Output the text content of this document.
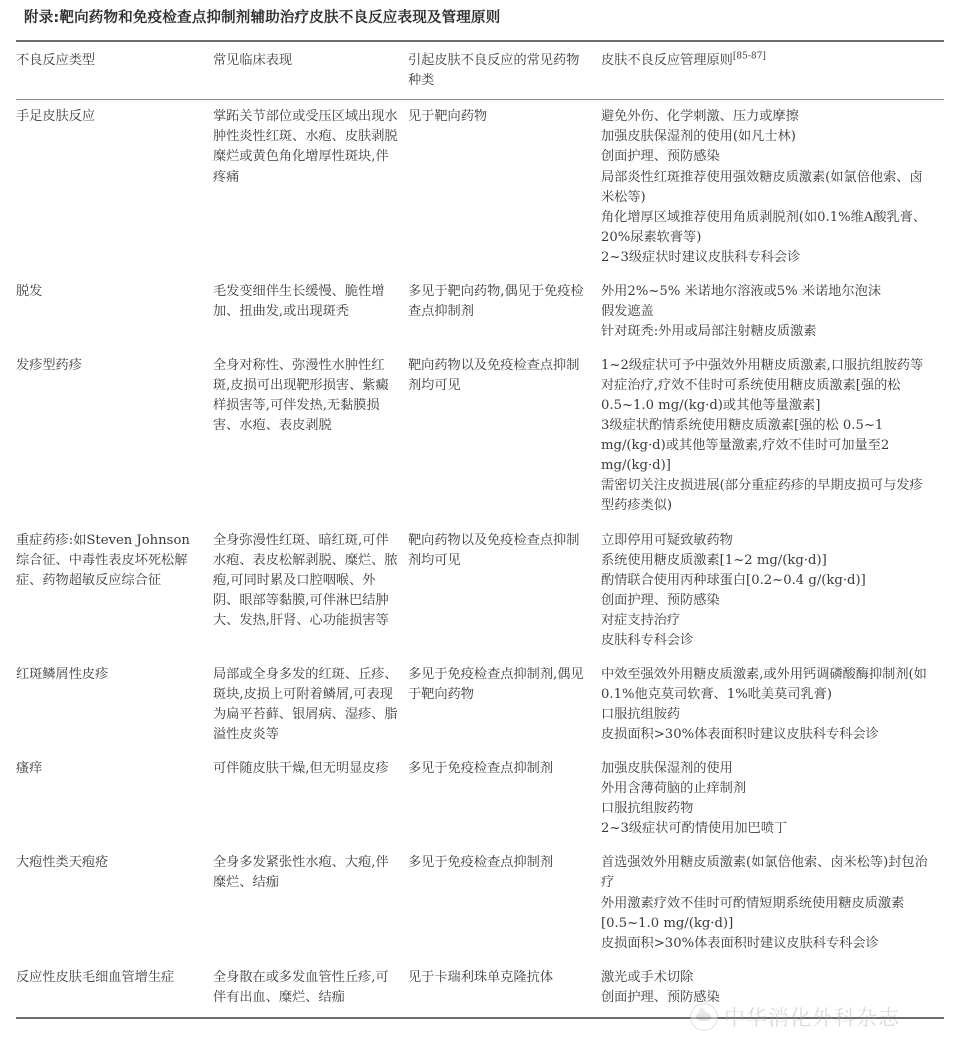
附录:靶向药物和免疫检查点抑制剂辅助治疗皮肤不良反应表现及管理原则
不良反应类型	常见临床表现	引起皮肤不良反应的常见药物种类	皮肤不良反应管理原则[85-87]
手足皮肤反应	掌跖关节部位或受压区域出现水肿性炎性红斑、水疱、皮肤剥脱糜烂或黄色角化增厚性斑块,伴疼痛	见于靶向药物	避免外伤、化学刺激、压力或摩擦
加强皮肤保湿剂的使用(如凡士林)
创面护理、预防感染
局部炎性红斑推荐使用强效糖皮质激素(如氯倍他索、卤米松等)
角化增厚区域推荐使用角质剥脱剂(如0.1%维A酸乳膏、20%尿素软膏等)
2~3级症状时建议皮肤科专科会诊

脱发	毛发变细伴生长缓慢、脆性增加、扭曲发,或出现斑秃	多见于靶向药物,偶见于免疫检查点抑制剂	外用2%~5% 米诺地尔溶液或5% 米诺地尔泡沫
假发遮盖
针对斑秃:外用或局部注射糖皮质激素

发疹型药疹	全身对称性、弥漫性水肿性红斑,皮损可出现靶形损害、紫癜样损害等,可伴发热,无黏膜损害、水疱、表皮剥脱	靶向药物以及免疫检查点抑制剂均可见	1~2级症状可予中强效外用糖皮质激素,口服抗组胺药等对症治疗,疗效不佳时可系统使用糖皮质激素[强的松0.5~1.0 mg/(kg·d)或其他等量激素]
3级症状酌情系统使用糖皮质激素[强的松 0.5~1 mg/(kg·d)或其他等量激素,疗效不佳时可加量至2 mg/(kg·d)]
需密切关注皮损进展(部分重症药疹的早期皮损可与发疹型药疹类似)

重症药疹:如Steven Johnson综合征、中毒性表皮坏死松解症、药物超敏反应综合征	全身弥漫性红斑、暗红斑,可伴水疱、表皮松解剥脱、糜烂、脓疱,可同时累及口腔咽喉、外阴、眼部等黏膜,可伴淋巴结肿大、发热,肝肾、心功能损害等	靶向药物以及免疫检查点抑制剂均可见	
立即停用可疑致敏药物
系统使用糖皮质激素[1~2 mg/(kg·d)]
酌情联合使用丙种球蛋白[0.2~0.4 g/(kg·d)]
创面护理、预防感染
对症支持治疗
皮肤科专科会诊

红斑鳞屑性皮疹	局部或全身多发的红斑、丘疹、斑块,皮损上可附着鳞屑,可表现为扁平苔藓、银屑病、湿疹、脂溢性皮炎等	多见于免疫检查点抑制剂,偶见于靶向药物	中效至强效外用糖皮质激素,或外用钙调磷酸酶抑制剂(如0.1%他克莫司软膏、1%吡美莫司乳膏)
口服抗组胺药
皮损面积>30%体表面积时建议皮肤科专科会诊

瘙痒	可伴随皮肤干燥,但无明显皮疹	多见于免疫检查点抑制剂	加强皮肤保湿剂的使用
外用含薄荷脑的止痒制剂
口服抗组胺药物
2~3级症状可酌情使用加巴喷丁

大疱性类天疱疮	全身多发紧张性水疱、大疱,伴糜烂、结痂	多见于免疫检查点抑制剂	首选强效外用糖皮质激素(如氯倍他索、卤米松等)封包治疗
外用激素疗效不佳时可酌情短期系统使用糖皮质激素[0.5~1.0 mg/(kg·d)]
皮损面积>30%体表面积时建议皮肤科专科会诊

反应性皮肤毛细血管增生症	全身散在或多发血管性丘疹,可伴有出血、糜烂、结痂	见于卡瑞利珠单克隆抗体	激光或手术切除
创面护理、预防感染
中华消化外科杂志
